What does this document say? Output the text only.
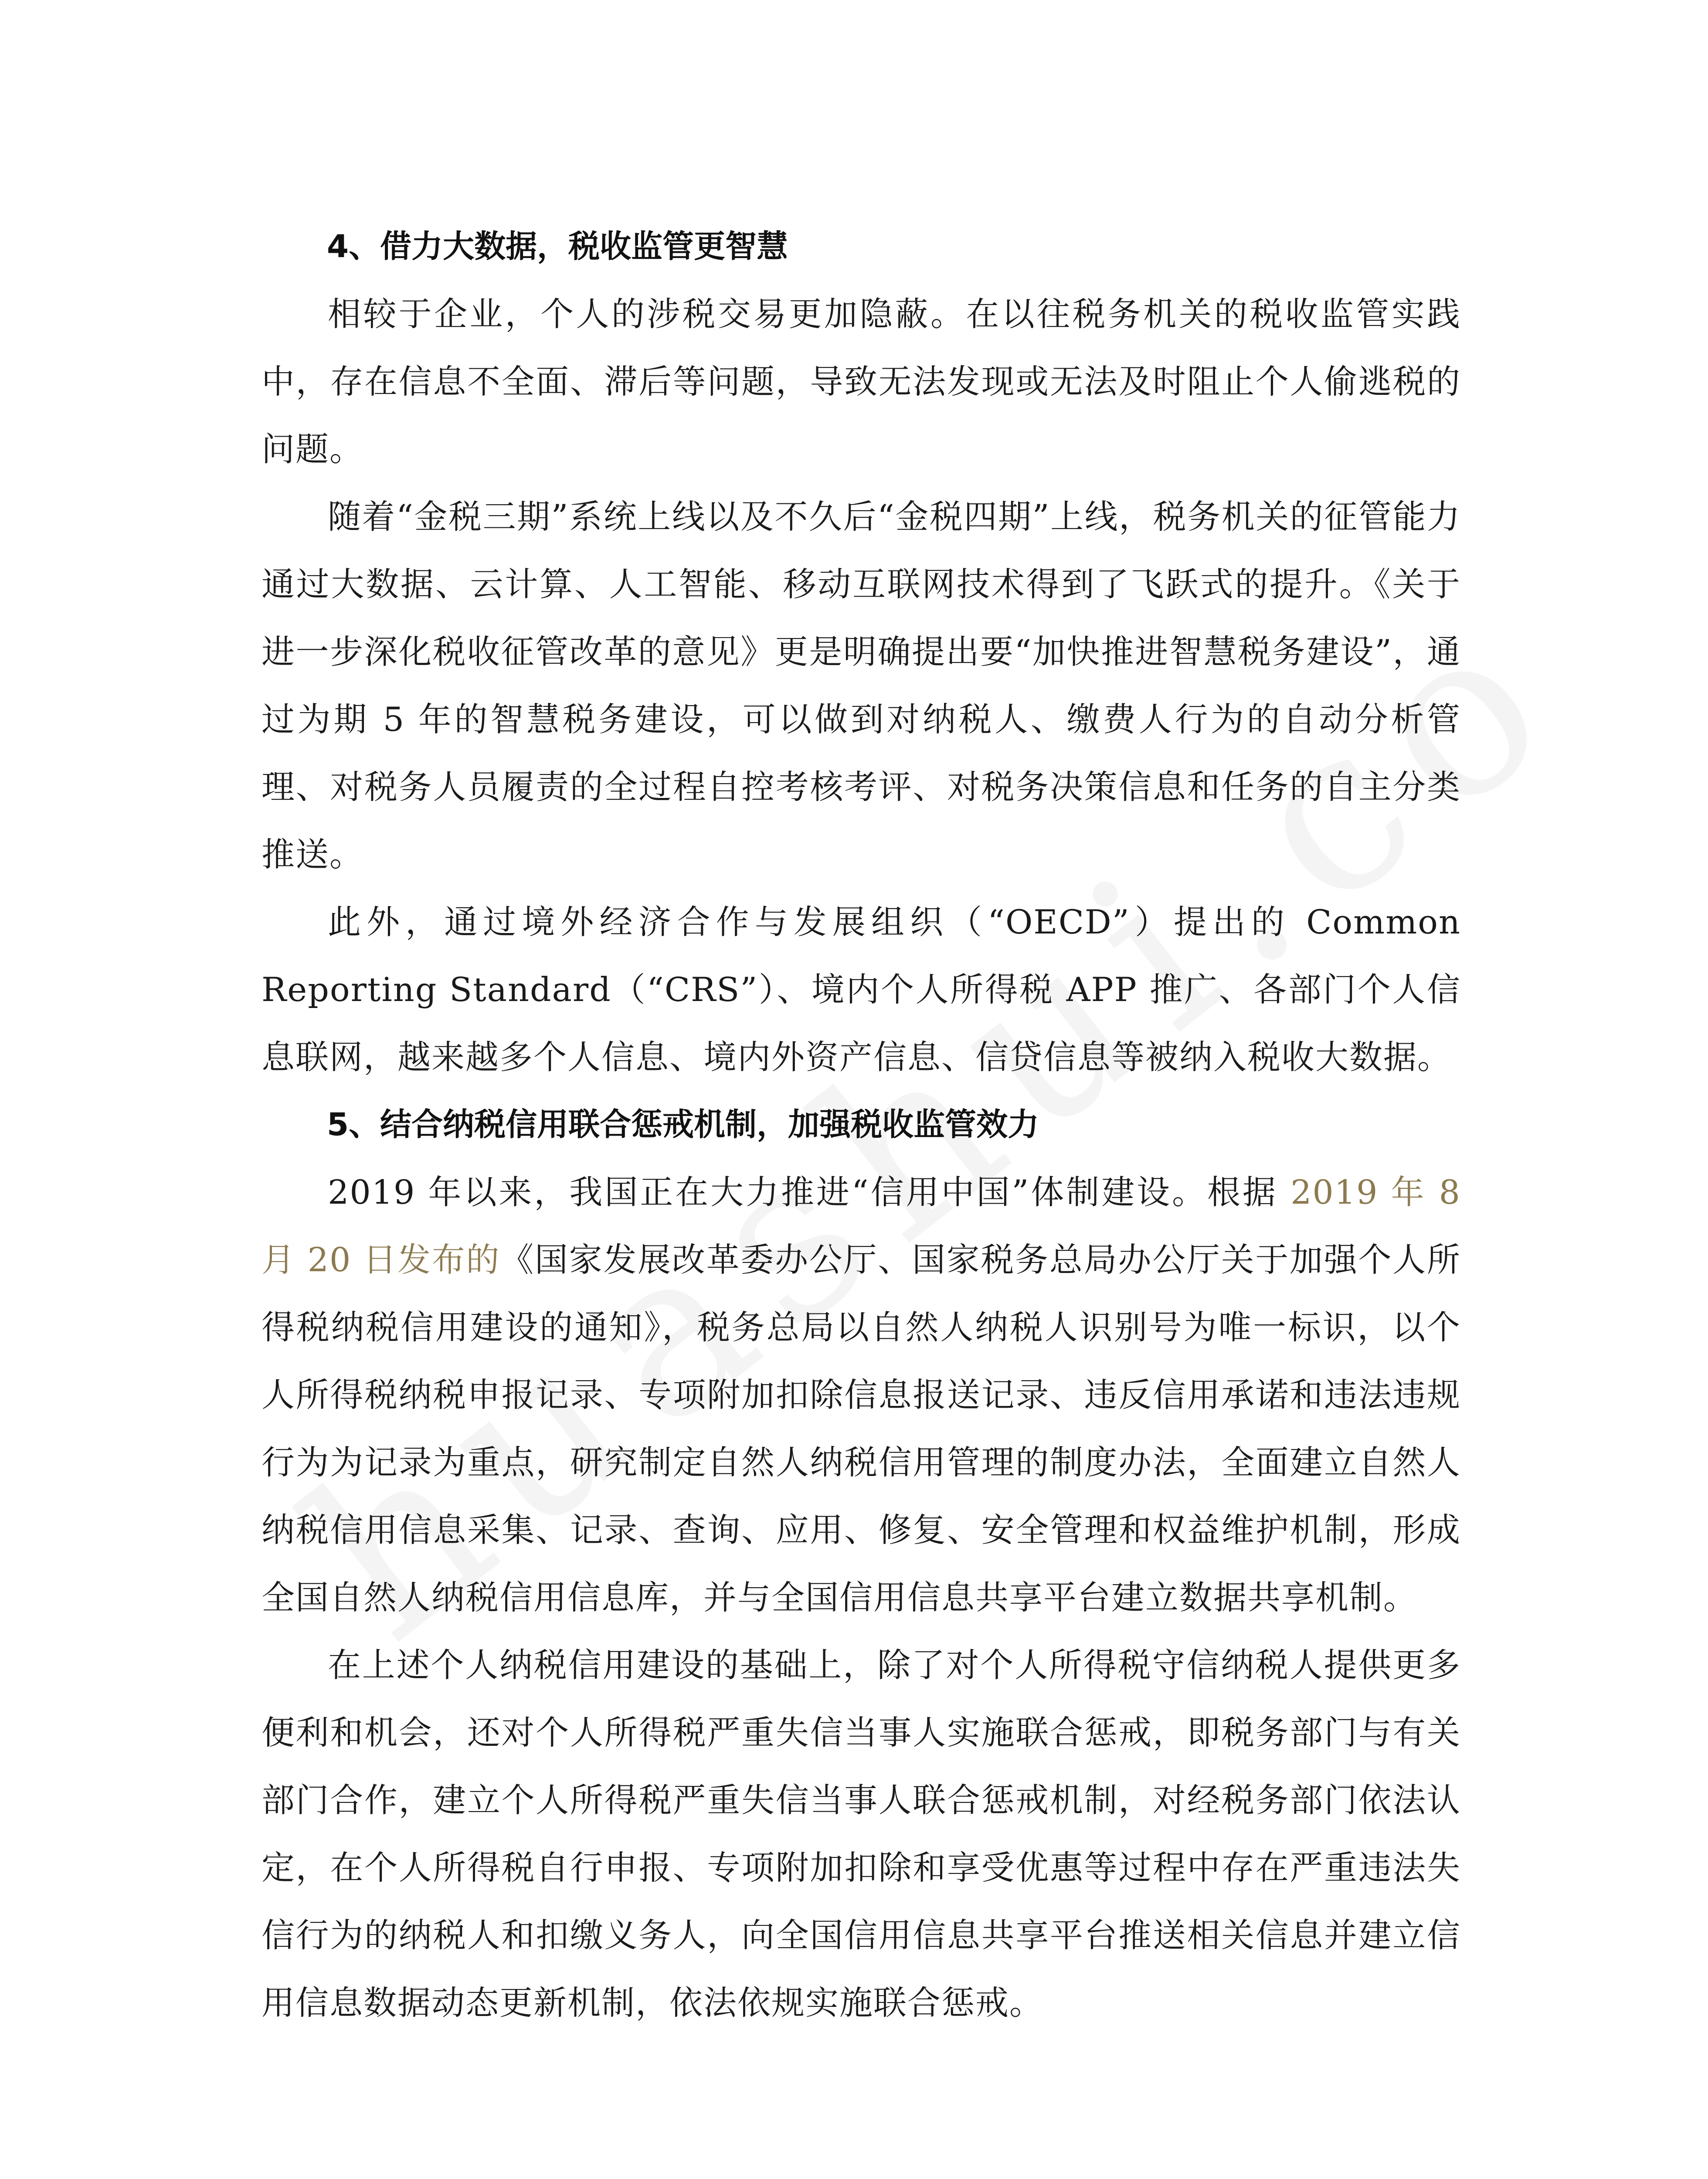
4、借力大数据，税收监管更智慧

相较于企业，个人的涉税交易更加隐蔽。在以往税务机关的税收监管实践中，存在信息不全面、滞后等问题，导致无法发现或无法及时阻止个人偷逃税的问题。

随着“金税三期”系统上线以及不久后“金税四期”上线，税务机关的征管能力通过大数据、云计算、人工智能、移动互联网技术得到了飞跃式的提升。《关于进一步深化税收征管改革的意见》更是明确提出要“加快推进智慧税务建设”，通过为期 5 年的智慧税务建设，可以做到对纳税人、缴费人行为的自动分析管理、对税务人员履责的全过程自控考核考评、对税务决策信息和任务的自主分类推送。

此外，通过境外经济合作与发展组织（“OECD”）提出的 Common Reporting Standard（“CRS”）、境内个人所得税 APP 推广、各部门个人信息联网，越来越多个人信息、境内外资产信息、信贷信息等被纳入税收大数据。

5、结合纳税信用联合惩戒机制，加强税收监管效力

2019 年以来，我国正在大力推进“信用中国”体制建设。根据 2019 年 8 月 20 日发布的《国家发展改革委办公厅、国家税务总局办公厅关于加强个人所得税纳税信用建设的通知》，税务总局以自然人纳税人识别号为唯一标识，以个人所得税纳税申报记录、专项附加扣除信息报送记录、违反信用承诺和违法违规行为为记录为重点，研究制定自然人纳税信用管理的制度办法，全面建立自然人纳税信用信息采集、记录、查询、应用、修复、安全管理和权益维护机制，形成全国自然人纳税信用信息库，并与全国信用信息共享平台建立数据共享机制。

在上述个人纳税信用建设的基础上，除了对个人所得税守信纳税人提供更多便利和机会，还对个人所得税严重失信当事人实施联合惩戒，即税务部门与有关部门合作，建立个人所得税严重失信当事人联合惩戒机制，对经税务部门依法认定，在个人所得税自行申报、专项附加扣除和享受优惠等过程中存在严重违法失信行为的纳税人和扣缴义务人，向全国信用信息共享平台推送相关信息并建立信用信息数据动态更新机制，依法依规实施联合惩戒。
